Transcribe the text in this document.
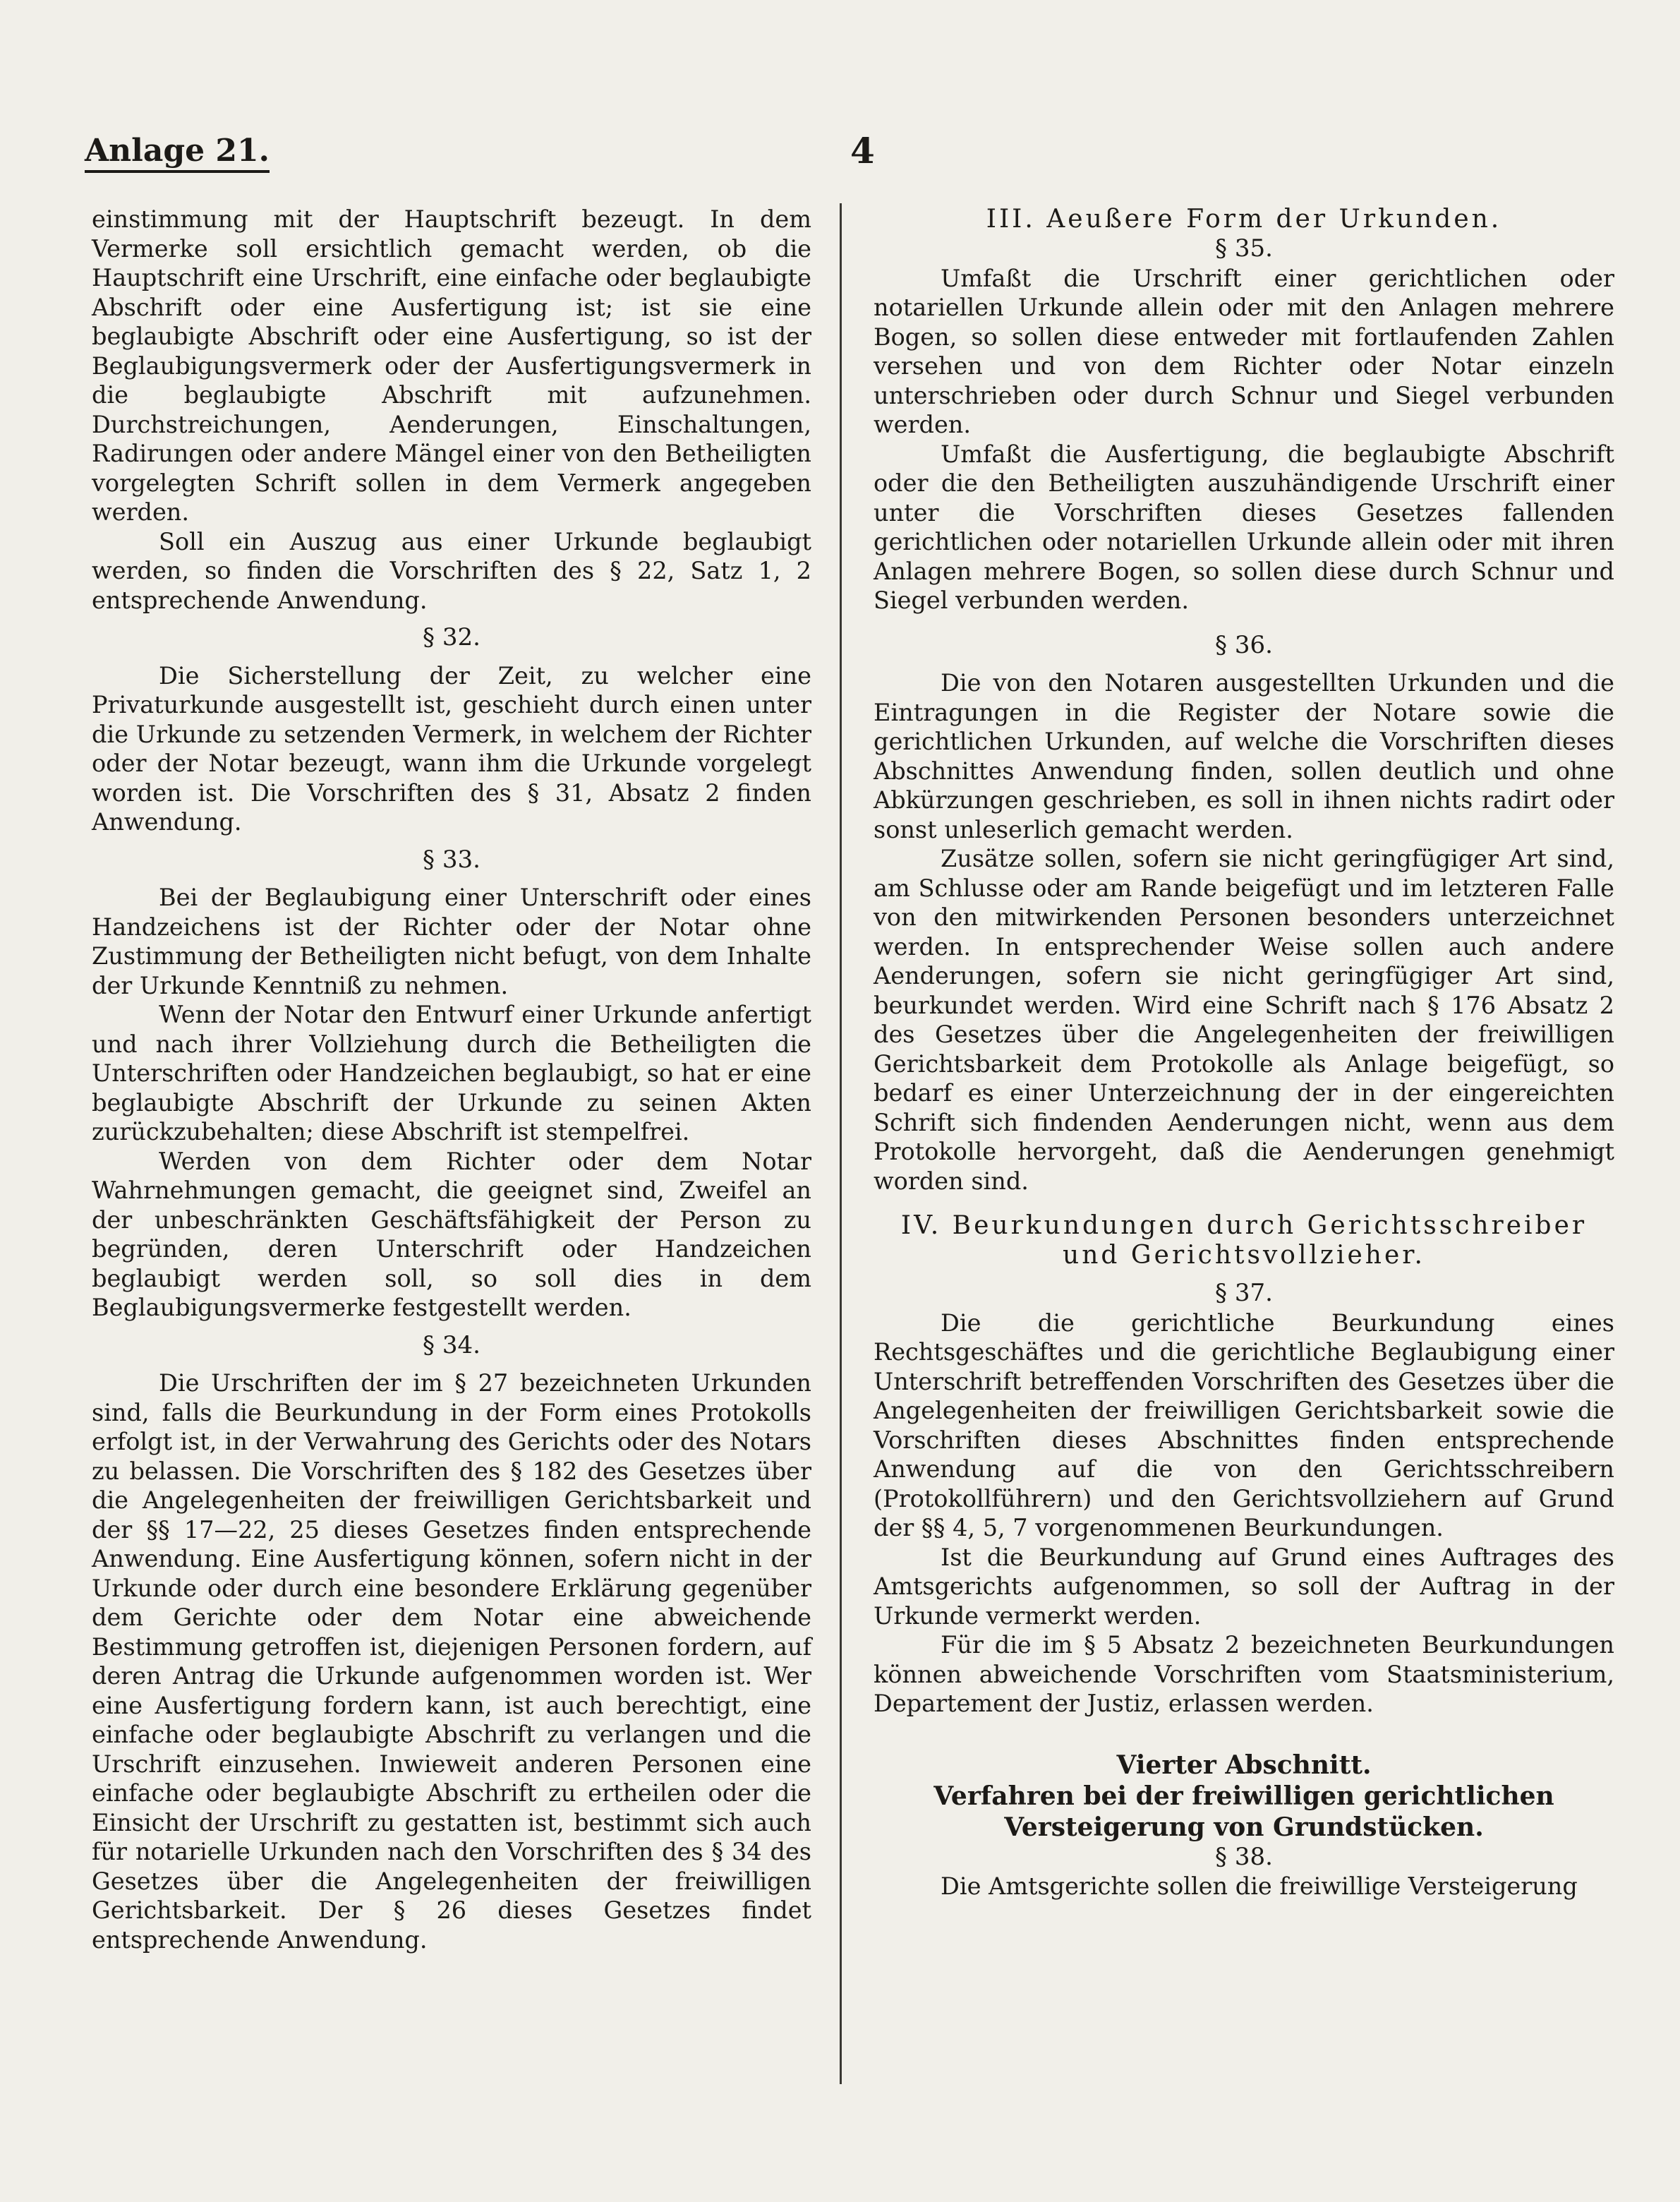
Anlage 21.	4

einstimmung mit der Hauptschrift bezeugt. In dem Vermerke soll ersichtlich gemacht werden, ob die Hauptschrift eine Urschrift, eine einfache oder beglaubigte Abschrift oder eine Ausfertigung ist; ist sie eine beglaubigte Abschrift oder eine Ausfertigung, so ist der Beglaubigungsvermerk oder der Ausfertigungsvermerk in die beglaubigte Abschrift mit aufzunehmen. Durchstreichungen, Aenderungen, Einschaltungen, Radirungen oder andere Mängel einer von den Betheiligten vorgelegten Schrift sollen in dem Vermerk angegeben werden.

Soll ein Auszug aus einer Urkunde beglaubigt werden, so finden die Vorschriften des § 22, Satz 1, 2 entsprechende Anwendung.

§ 32.

Die Sicherstellung der Zeit, zu welcher eine Privaturkunde ausgestellt ist, geschieht durch einen unter die Urkunde zu setzenden Vermerk, in welchem der Richter oder der Notar bezeugt, wann ihm die Urkunde vorgelegt worden ist. Die Vorschriften des § 31, Absatz 2 finden Anwendung.

§ 33.

Bei der Beglaubigung einer Unterschrift oder eines Handzeichens ist der Richter oder der Notar ohne Zustimmung der Betheiligten nicht befugt, von dem Inhalte der Urkunde Kenntniß zu nehmen.

Wenn der Notar den Entwurf einer Urkunde anfertigt und nach ihrer Vollziehung durch die Betheiligten die Unterschriften oder Handzeichen beglaubigt, so hat er eine beglaubigte Abschrift der Urkunde zu seinen Akten zurückzubehalten; diese Abschrift ist stempelfrei.

Werden von dem Richter oder dem Notar Wahrnehmungen gemacht, die geeignet sind, Zweifel an der unbeschränkten Geschäftsfähigkeit der Person zu begründen, deren Unterschrift oder Handzeichen beglaubigt werden soll, so soll dies in dem Beglaubigungsvermerke festgestellt werden.

§ 34.

Die Urschriften der im § 27 bezeichneten Urkunden sind, falls die Beurkundung in der Form eines Protokolls erfolgt ist, in der Verwahrung des Gerichts oder des Notars zu belassen. Die Vorschriften des § 182 des Gesetzes über die Angelegenheiten der freiwilligen Gerichtsbarkeit und der §§ 17—22, 25 dieses Gesetzes finden entsprechende Anwendung. Eine Ausfertigung können, sofern nicht in der Urkunde oder durch eine besondere Erklärung gegenüber dem Gerichte oder dem Notar eine abweichende Bestimmung getroffen ist, diejenigen Personen fordern, auf deren Antrag die Urkunde aufgenommen worden ist. Wer eine Ausfertigung fordern kann, ist auch berechtigt, eine einfache oder beglaubigte Abschrift zu verlangen und die Urschrift einzusehen. Inwieweit anderen Personen eine einfache oder beglaubigte Abschrift zu ertheilen oder die Einsicht der Urschrift zu gestatten ist, bestimmt sich auch für notarielle Urkunden nach den Vorschriften des § 34 des Gesetzes über die Angelegenheiten der freiwilligen Gerichtsbarkeit. Der § 26 dieses Gesetzes findet entsprechende Anwendung.

III. Aeußere Form der Urkunden.
§ 35.

Umfaßt die Urschrift einer gerichtlichen oder notariellen Urkunde allein oder mit den Anlagen mehrere Bogen, so sollen diese entweder mit fortlaufenden Zahlen versehen und von dem Richter oder Notar einzeln unterschrieben oder durch Schnur und Siegel verbunden werden.

Umfaßt die Ausfertigung, die beglaubigte Abschrift oder die den Betheiligten auszuhändigende Urschrift einer unter die Vorschriften dieses Gesetzes fallenden gerichtlichen oder notariellen Urkunde allein oder mit ihren Anlagen mehrere Bogen, so sollen diese durch Schnur und Siegel verbunden werden.

§ 36.

Die von den Notaren ausgestellten Urkunden und die Eintragungen in die Register der Notare sowie die gerichtlichen Urkunden, auf welche die Vorschriften dieses Abschnittes Anwendung finden, sollen deutlich und ohne Abkürzungen geschrieben, es soll in ihnen nichts radirt oder sonst unleserlich gemacht werden.

Zusätze sollen, sofern sie nicht geringfügiger Art sind, am Schlusse oder am Rande beigefügt und im letzteren Falle von den mitwirkenden Personen besonders unterzeichnet werden. In entsprechender Weise sollen auch andere Aenderungen, sofern sie nicht geringfügiger Art sind, beurkundet werden. Wird eine Schrift nach § 176 Absatz 2 des Gesetzes über die Angelegenheiten der freiwilligen Gerichtsbarkeit dem Protokolle als Anlage beigefügt, so bedarf es einer Unterzeichnung der in der eingereichten Schrift sich findenden Aenderungen nicht, wenn aus dem Protokolle hervorgeht, daß die Aenderungen genehmigt worden sind.

IV. Beurkundungen durch Gerichtsschreiber und Gerichtsvollzieher.
§ 37.

Die die gerichtliche Beurkundung eines Rechtsgeschäftes und die gerichtliche Beglaubigung einer Unterschrift betreffenden Vorschriften des Gesetzes über die Angelegenheiten der freiwilligen Gerichtsbarkeit sowie die Vorschriften dieses Abschnittes finden entsprechende Anwendung auf die von den Gerichtsschreibern (Protokollführern) und den Gerichtsvollziehern auf Grund der §§ 4, 5, 7 vorgenommenen Beurkundungen.

Ist die Beurkundung auf Grund eines Auftrages des Amtsgerichts aufgenommen, so soll der Auftrag in der Urkunde vermerkt werden.

Für die im § 5 Absatz 2 bezeichneten Beurkundungen können abweichende Vorschriften vom Staatsministerium, Departement der Justiz, erlassen werden.

Vierter Abschnitt.
Verfahren bei der freiwilligen gerichtlichen Versteigerung von Grundstücken.
§ 38.

Die Amtsgerichte sollen die freiwillige Versteigerung
